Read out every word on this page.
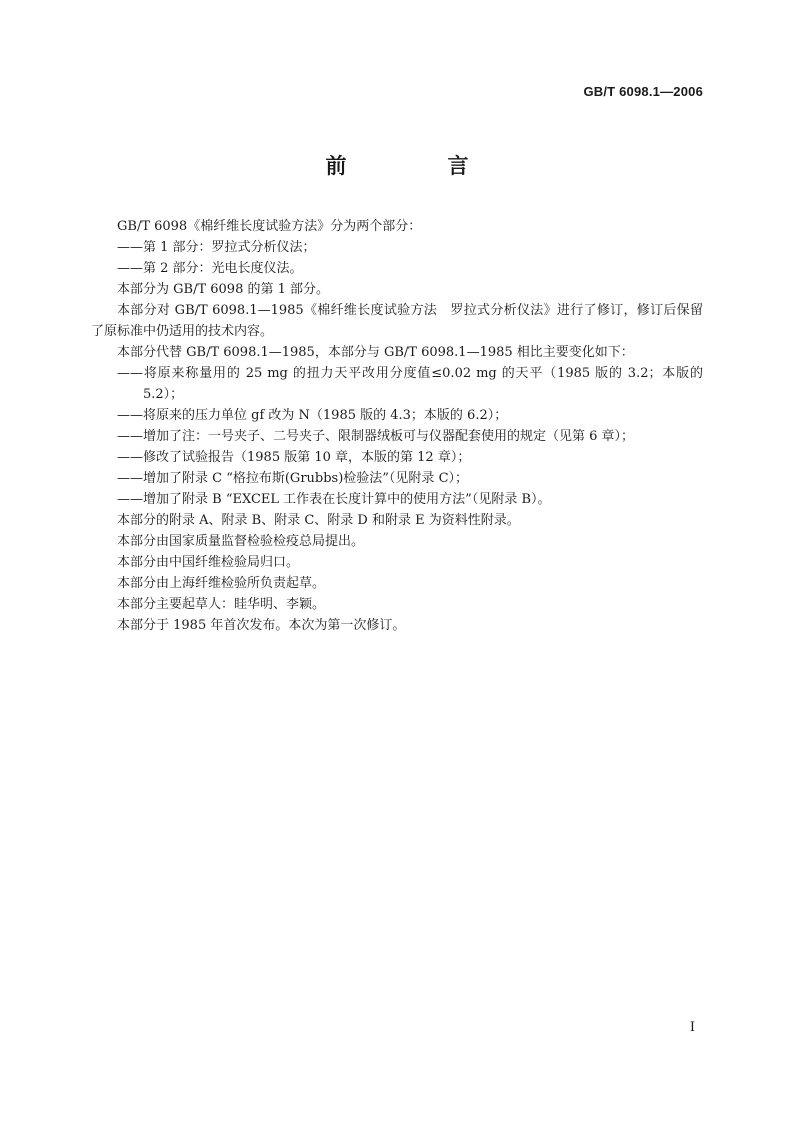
GB/T 6098.1—2006
前　言

GB/T 6098《棉纤维长度试验方法》分为两个部分：

——第 1 部分：罗拉式分析仪法；

——第 2 部分：光电长度仪法。

本部分为 GB/T 6098 的第 1 部分。

本部分对 GB/T 6098.1—1985《棉纤维长度试验方法　罗拉式分析仪法》进行了修订，修订后保留了原标准中仍适用的技术内容。

本部分代替 GB/T 6098.1—1985，本部分与 GB/T 6098.1—1985 相比主要变化如下：

——将原来称量用的 25 mg 的扭力天平改用分度值≤0.02 mg 的天平（1985 版的 3.2；本版的 5.2）；

——将原来的压力单位 gf 改为 N（1985 版的 4.3；本版的 6.2）；

——增加了注：一号夹子、二号夹子、限制器绒板可与仪器配套使用的规定（见第 6 章）；

——修改了试验报告（1985 版第 10 章，本版的第 12 章）；

——增加了附录 C “格拉布斯(Grubbs)检验法”（见附录 C）；

——增加了附录 B “EXCEL 工作表在长度计算中的使用方法”（见附录 B）。

本部分的附录 A、附录 B、附录 C、附录 D 和附录 E 为资料性附录。

本部分由国家质量监督检验检疫总局提出。

本部分由中国纤维检验局归口。

本部分由上海纤维检验所负责起草。

本部分主要起草人：眭华明、李颖。

本部分于 1985 年首次发布。本次为第一次修订。

I
